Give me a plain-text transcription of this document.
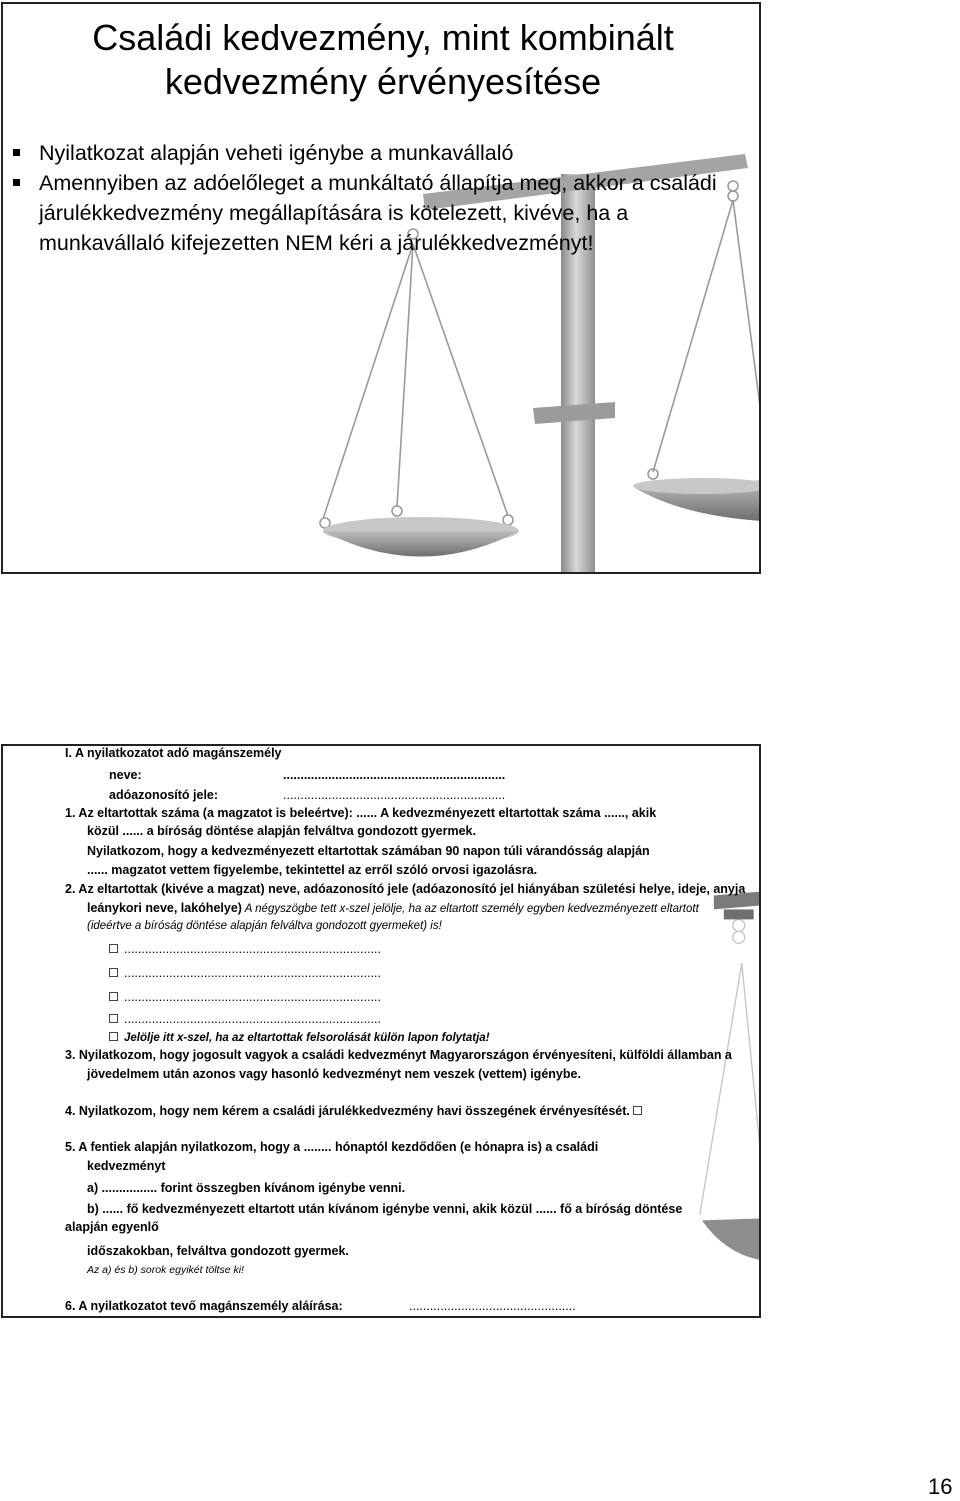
Családi kedvezmény, mint kombinált
kedvezmény érvényesítése
Nyilatkozat alapján veheti igénybe a munkavállaló
Amennyiben az adóelőleget a munkáltató állapítja meg, akkor a családi járulékkedvezmény megállapítására is kötelezett, kivéve, ha a munkavállaló kifejezetten NEM kéri a járulékkedvezményt!
I. A nyilatkozatot adó magánszemély
neve:	................................................................
adóazonosító jele:	................................................................
1. Az eltartottak száma (a magzatot is beleértve): ...... A kedvezményezett eltartottak száma ......, akik
közül ...... a bíróság döntése alapján felváltva gondozott gyermek.
Nyilatkozom, hogy a kedvezményezett eltartottak számában 90 napon túli várandósság alapján
...... magzatot vettem figyelembe, tekintettel az erről szóló orvosi igazolásra.
2. Az eltartottak (kivéve a magzat) neve, adóazonosító jele (adóazonosító jel hiányában születési helye, ideje, anyja
leánykori neve, lakóhelye) A négyszögbe tett x-szel jelölje, ha az eltartott személy egyben kedvezményezett eltartott
(ideértve a bíróság döntése alapján felváltva gondozott gyermeket) is!
..........................................................................
..........................................................................
..........................................................................
..........................................................................
Jelölje itt x-szel, ha az eltartottak felsorolását külön lapon folytatja!
3. Nyilatkozom, hogy jogosult vagyok a családi kedvezményt Magyarországon érvényesíteni, külföldi államban a
jövedelmem után azonos vagy hasonló kedvezményt nem veszek (vettem) igénybe.
4. Nyilatkozom, hogy nem kérem a családi járulékkedvezmény havi összegének érvényesítését.
5. A fentiek alapján nyilatkozom, hogy a ........ hónaptól kezdődően (e hónapra is) a családi
kedvezményt
a) ................ forint összegben kívánom igénybe venni.
b) ...... fő kedvezményezett eltartott után kívánom igénybe venni, akik közül ...... fő a bíróság döntése
alapján egyenlő
időszakokban, felváltva gondozott gyermek.
Az a) és b) sorok egyikét töltse ki!
6. A nyilatkozatot tevő magánszemély aláírása:	................................................
16
